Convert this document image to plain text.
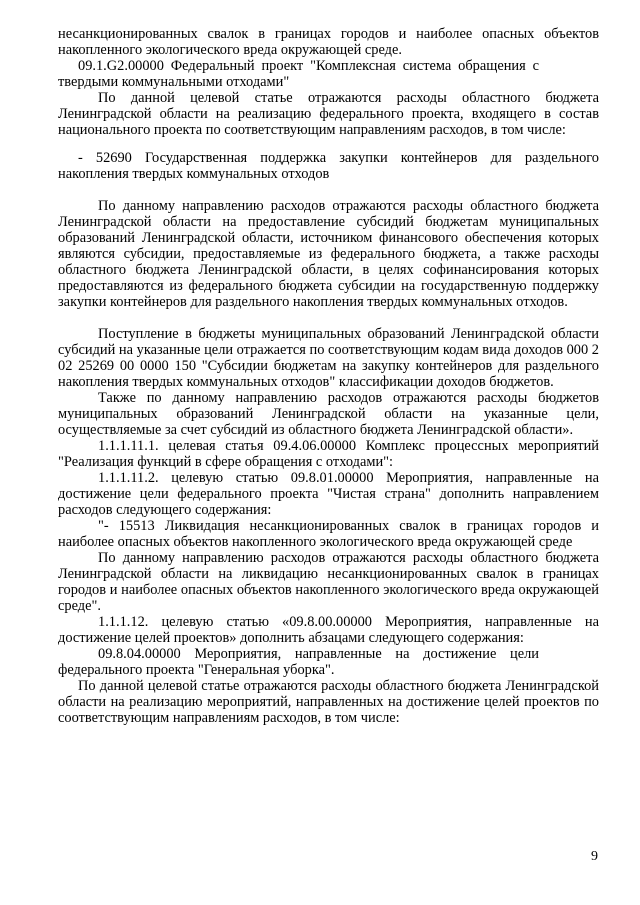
несанкционированных свалок в границах городов и наиболее опасных объектов накопленного экологического вреда окружающей среде.

09.1.G2.00000 Федеральный проект "Комплексная система обращения с твердыми коммунальными отходами"

По данной целевой статье отражаются расходы областного бюджета Ленинградской области на реализацию федерального проекта, входящего в состав национального проекта по соответствующим направлениям расходов, в том числе:

- 52690 Государственная поддержка закупки контейнеров для раздельного накопления твердых коммунальных отходов

По данному направлению расходов отражаются расходы областного бюджета Ленинградской области на предоставление субсидий бюджетам муниципальных образований Ленинградской области, источником финансового обеспечения которых являются субсидии, предоставляемые из федерального бюджета, а также расходы областного бюджета Ленинградской области, в целях софинансирования которых предоставляются из федерального бюджета субсидии на государственную поддержку закупки контейнеров для раздельного накопления твердых коммунальных отходов.

Поступление в бюджеты муниципальных образований Ленинградской области субсидий на указанные цели отражается по соответствующим кодам вида доходов 000 2 02 25269 00 0000 150 "Субсидии бюджетам на закупку контейнеров для раздельного накопления твердых коммунальных отходов" классификации доходов бюджетов.

Также по данному направлению расходов отражаются расходы бюджетов муниципальных образований Ленинградской области на указанные цели, осуществляемые за счет субсидий из областного бюджета Ленинградской области».

1.1.1.11.1. целевая статья 09.4.06.00000 Комплекс процессных мероприятий "Реализация функций в сфере обращения с отходами":

1.1.1.11.2. целевую статью 09.8.01.00000 Мероприятия, направленные на достижение цели федерального проекта "Чистая страна" дополнить направлением расходов следующего содержания:

"- 15513 Ликвидация несанкционированных свалок в границах городов и наиболее опасных объектов накопленного экологического вреда окружающей среде

По данному направлению расходов отражаются расходы областного бюджета Ленинградской области на ликвидацию несанкционированных свалок в границах городов и наиболее опасных объектов накопленного экологического вреда окружающей среде".

1.1.1.12. целевую статью «09.8.00.00000 Мероприятия, направленные на достижение целей проектов» дополнить абзацами следующего содержания:

09.8.04.00000 Мероприятия, направленные на достижение цели федерального проекта "Генеральная уборка".

По данной целевой статье отражаются расходы областного бюджета Ленинградской области на реализацию мероприятий, направленных на достижение целей проектов по соответствующим направлениям расходов, в том числе:

9
